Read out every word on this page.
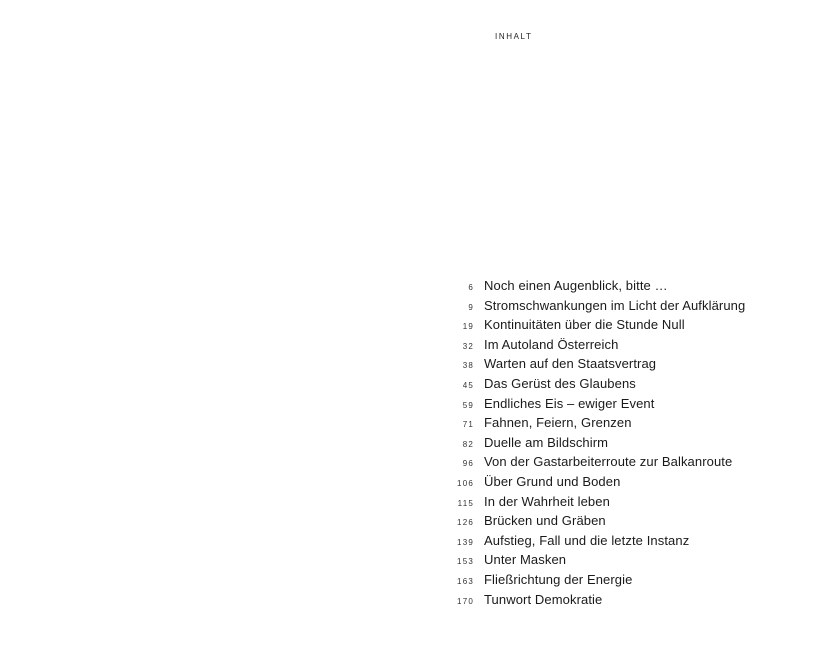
INHALT
6 Noch einen Augenblick, bitte …
9 Stromschwankungen im Licht der Aufklärung
19 Kontinuitäten über die Stunde Null
32 Im Autoland Österreich
38 Warten auf den Staatsvertrag
45 Das Gerüst des Glaubens
59 Endliches Eis – ewiger Event
71 Fahnen, Feiern, Grenzen
82 Duelle am Bildschirm
96 Von der Gastarbeiterroute zur Balkanroute
106 Über Grund und Boden
115 In der Wahrheit leben
126 Brücken und Gräben
139 Aufstieg, Fall und die letzte Instanz
153 Unter Masken
163 Fließrichtung der Energie
170 Tunwort Demokratie
